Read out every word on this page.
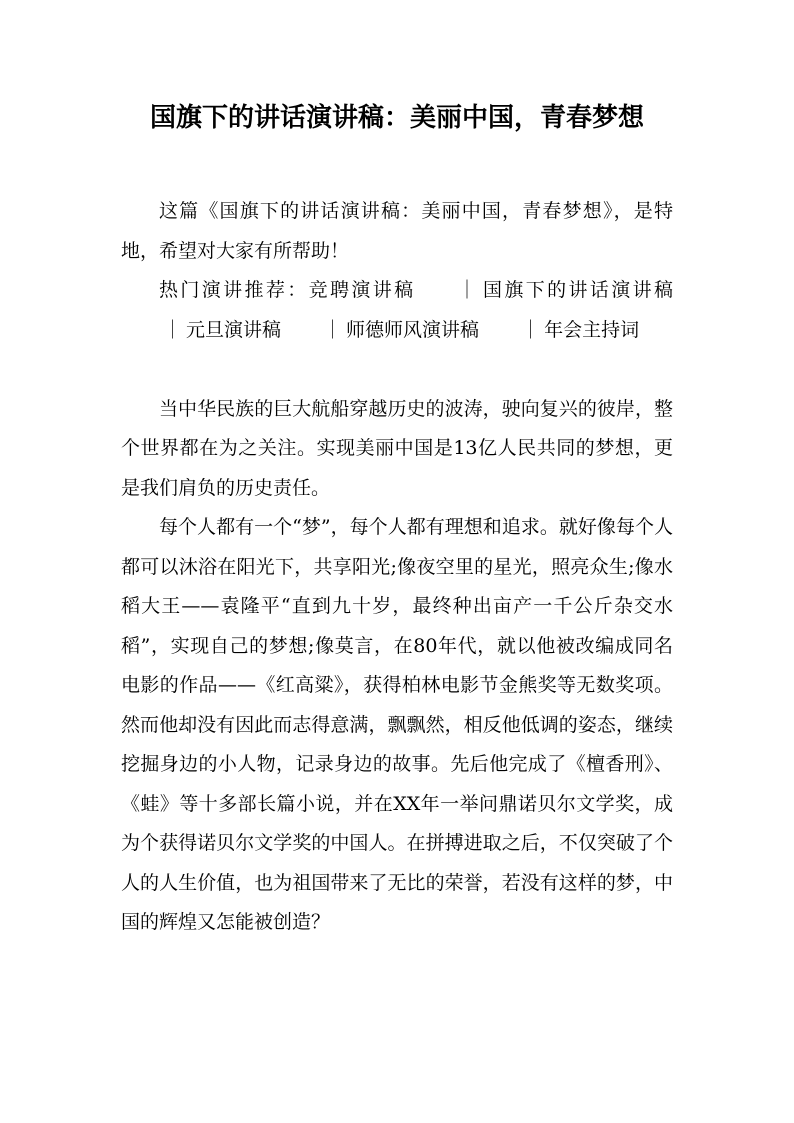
国旗下的讲话演讲稿：美丽中国，青春梦想

这篇《国旗下的讲话演讲稿：美丽中国，青春梦想》，是特地，希望对大家有所帮助！

热门演讲推荐：竞聘演讲稿 ｜ 国旗下的讲话演讲稿｜ 元旦演讲稿 ｜ 师德师风演讲稿 ｜ 年会主持词

当中华民族的巨大航船穿越历史的波涛，驶向复兴的彼岸，整个世界都在为之关注。实现美丽中国是13亿人民共同的梦想，更是我们肩负的历史责任。

每个人都有一个“梦”，每个人都有理想和追求。就好像每个人都可以沐浴在阳光下，共享阳光;像夜空里的星光，照亮众生;像水稻大王——袁隆平“直到九十岁，最终种出亩产一千公斤杂交水稻”，实现自己的梦想;像莫言，在80年代，就以他被改编成同名电影的作品——《红高粱》，获得柏林电影节金熊奖等无数奖项。然而他却没有因此而志得意满，飘飘然，相反他低调的姿态，继续挖掘身边的小人物，记录身边的故事。先后他完成了《檀香刑》、《蛙》等十多部长篇小说，并在XX年一举问鼎诺贝尔文学奖，成为个获得诺贝尔文学奖的中国人。在拼搏进取之后，不仅突破了个人的人生价值，也为祖国带来了无比的荣誉，若没有这样的梦，中国的辉煌又怎能被创造？
